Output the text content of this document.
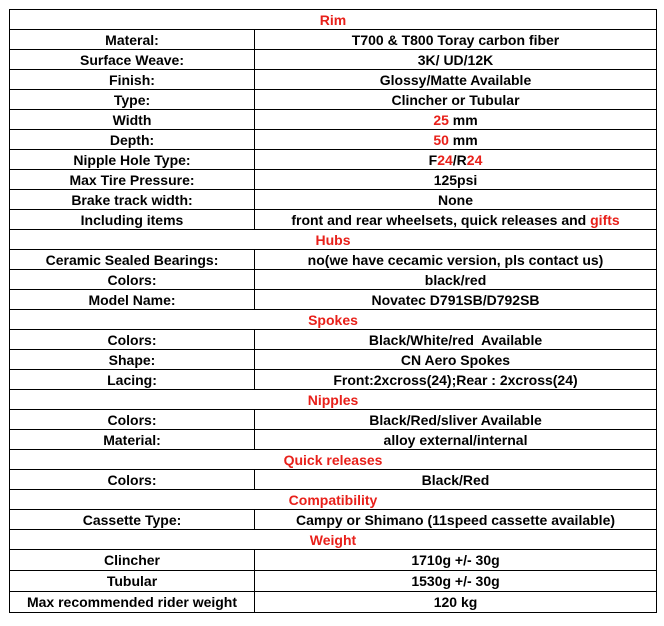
Rim	
Materal:	T700 & T800 Toray carbon fiber
Surface Weave:	3K/ UD/12K
Finish:	Glossy/Matte Available
Type:	Clincher or Tubular
Width	25 mm
Depth:	50 mm
Nipple Hole Type:	F24/R24
Max Tire Pressure:	125psi
Brake track width:	None
Including items	front and rear wheelsets, quick releases and gifts
Hubs	
Ceramic Sealed Bearings:	no(we have cecamic version, pls contact us)
Colors:	black/red
Model Name:	Novatec D791SB/D792SB
Spokes	
Colors:	Black/White/red  Available
Shape:	CN Aero Spokes
Lacing:	Front:2xcross(24);Rear : 2xcross(24)
Nipples	
Colors:	Black/Red/sliver Available
Material:	alloy external/internal
Quick releases	
Colors:	Black/Red
Compatibility	
Cassette Type:	Campy or Shimano (11speed cassette available)
Weight	
Clincher	1710g +/- 30g
Tubular	1530g +/- 30g
Max recommended rider weight	120 kg
